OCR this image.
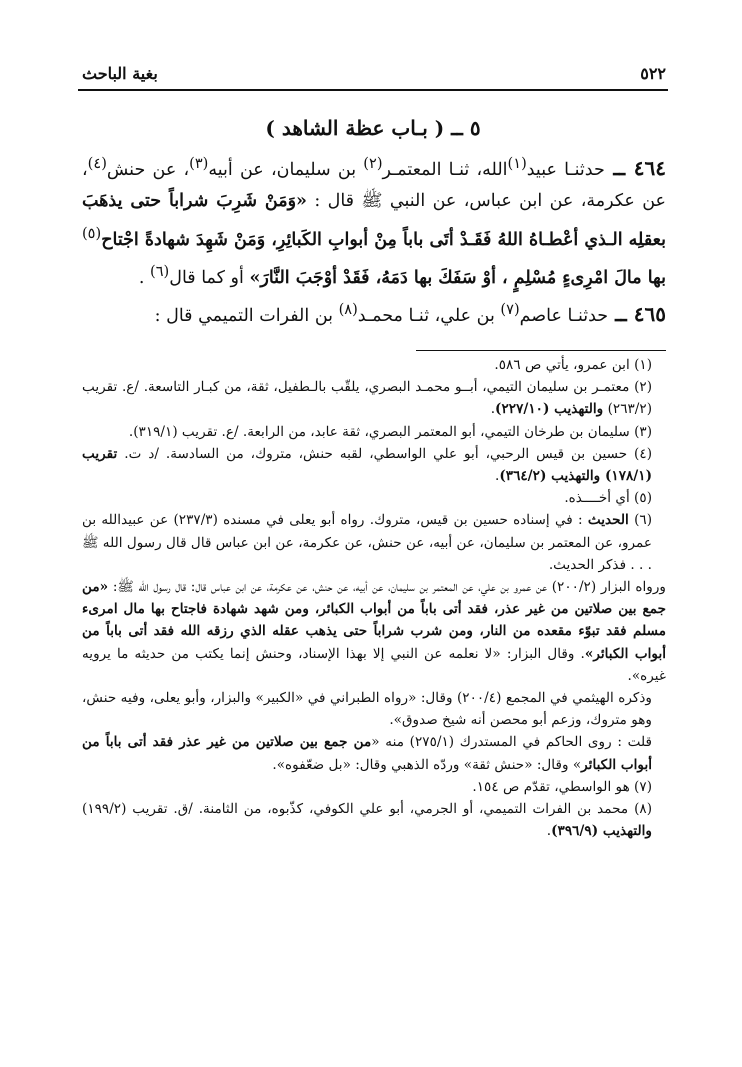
٥٢٢
بغية الباحث
٥ ــ ( بـاب عظة الشاهد )

٤٦٤ ــ حدثنـا عبيد$^{(١)}$الله، ثنـا المعتمـر$^{(٢)}$ بن سليمان، عن أبيه$^{(٣)}$، عن حنش$^{(٤)}$، عن عكرمة، عن ابن عباس، عن النبي ﷺ قال : «وَمَنْ شَرِبَ شراباً حتى يذهَبَ بعقلِه الـذي أعْطـاهُ اللهُ فَقَـدْ أتَى باباً مِنْ أبوابِ الكَبائِرِ، وَمَنْ شَهِدَ شهادةً اجْتاح$^{(٥)}$ بها مالَ امْرِىءٍ مُسْلِمٍ ، أوْ سَفَكَ بها دَمَهُ، فَقَدْ أوْجَبَ النَّارَ» أو كما قال$^{(٦)}$ .

٤٦٥ ــ حدثنـا عاصم$^{(٧)}$ بن علي، ثنـا محمـد$^{(٨)}$ بن الفرات التميمي قال :

(١) ابن عمرو، يأتي ص ٥٨٦.

(٢) معتمـر بن سليمان التيمي، أبــو محمـد البصري، يلقّب بالـطفيل، ثقة، من كبـار التاسعة. /ع. تقريب (٢٦٣/٢) والتهذيب (٢٢٧/١٠).

(٣) سليمان بن طرخان التيمي، أبو المعتمر البصري، ثقة عابد، من الرابعة. /ع. تقريب (٣١٩/١).

(٤) حسين بن قيس الرحبي، أبو علي الواسطي، لقبه حنش، متروك، من السادسة. /د ت. تقريب (١٧٨/١) والتهذيب (٣٦٤/٢).

(٥) أي أخــــذه.

(٦) الحديث : في إسناده حسين بن قيس، متروك. رواه أبو يعلى في مسنده (٢٣٧/٣) عن عبيدالله بن عمرو، عن المعتمر بن سليمان، عن أبيه، عن حنش، عن عكرمة، عن ابن عباس قال قال رسول الله ﷺ . . . فذكر الحديث.

ورواه البزار (٢٠٠/٢) عن عمرو بن علي، عن المعتمر بن سليمان، عن أبيه، عن حنش، عن عكرمة، عن ابن عباس قال: قال رسول الله ﷺ: «من جمع بين صلاتين من غير عذر، فقد أتى باباً من أبواب الكبائر، ومن شهد شهادة فاجتاح بها مال امرىء مسلم فقد تبوّء مقعده من النار، ومن شرب شراباً حتى يذهب عقله الذي رزقه الله فقد أتى باباً من أبواب الكبائر». وقال البزار: «لا نعلمه عن النبي إلا بهذا الإسناد، وحنش إنما يكتب من حديثه ما يرويه غيره».

وذكره الهيثمي في المجمع (٢٠٠/٤) وقال: «رواه الطبراني في «الكبير» والبزار، وأبو يعلى، وفيه حنش، وهو متروك، وزعم أبو محصن أنه شيخ صدوق».

قلت : روى الحاكم في المستدرك (٢٧٥/١) منه «من جمع بين صلاتين من غير عذر فقد أتى باباً من أبواب الكبائر» وقال: «حنش ثقة» وردّه الذهبي وقال: «بل ضعّفوه».

(٧) هو الواسطي، تقدّم ص ١٥٤.

(٨) محمد بن الفرات التميمي، أو الجرمي، أبو علي الكوفي، كذّبوه، من الثامنة. /ق. تقريب (١٩٩/٢) والتهذيب (٣٩٦/٩).
